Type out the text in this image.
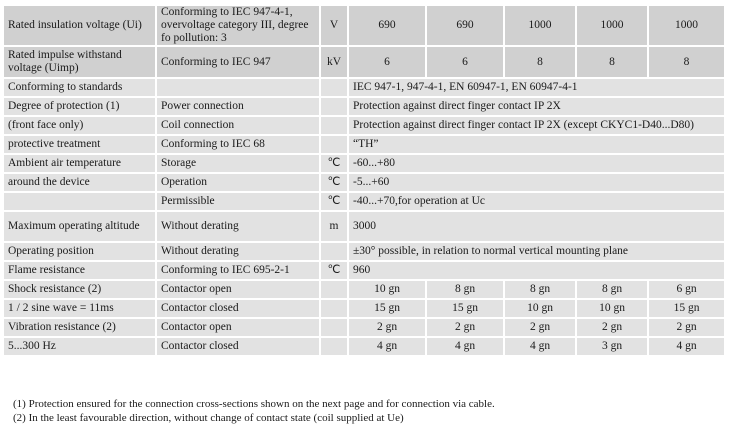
Rated insulation voltage (Ui)	Conforming to IEC 947-4-1, overvoltage category III, degree fo pollution: 3	V	690	690	1000	1000	1000
Rated impulse withstand voltage (Uimp)	Conforming to IEC 947	kV	6	6	8	8	8
Conforming to standards			IEC 947-1, 947-4-1, EN 60947-1, EN 60947-4-1				
Degree of protection (1)	Power connection		Protection against direct finger contact IP 2X				
(front face only)	Coil connection		Protection against direct finger contact IP 2X (except CKYC1-D40...D80)				
protective treatment	Conforming to IEC 68		“TH”				
Ambient air temperature	Storage	℃	-60...+80				
around the device	Operation	℃	-5...+60				
	Permissible	℃	-40...+70,for operation at Uc				
Maximum operating altitude	Without derating	m	3000				
Operating position	Without derating		±30° possible, in relation to normal vertical mounting plane				
Flame resistance	Conforming to IEC 695-2-1	℃	960				
Shock resistance (2)	Contactor open		10 gn	8 gn	8 gn	8 gn	6 gn
1 / 2 sine wave = 11ms	Contactor closed		15 gn	15 gn	10 gn	10 gn	15 gn
Vibration resistance (2)	Contactor open		2 gn	2 gn	2 gn	2 gn	2 gn
5...300 Hz	Contactor closed		4 gn	4 gn	4 gn	3 gn	4 gn
(1) Protection ensured for the connection cross-sections shown on the next page and for connection via cable.
(2) In the least favourable direction, without change of contact state (coil supplied at Ue)
